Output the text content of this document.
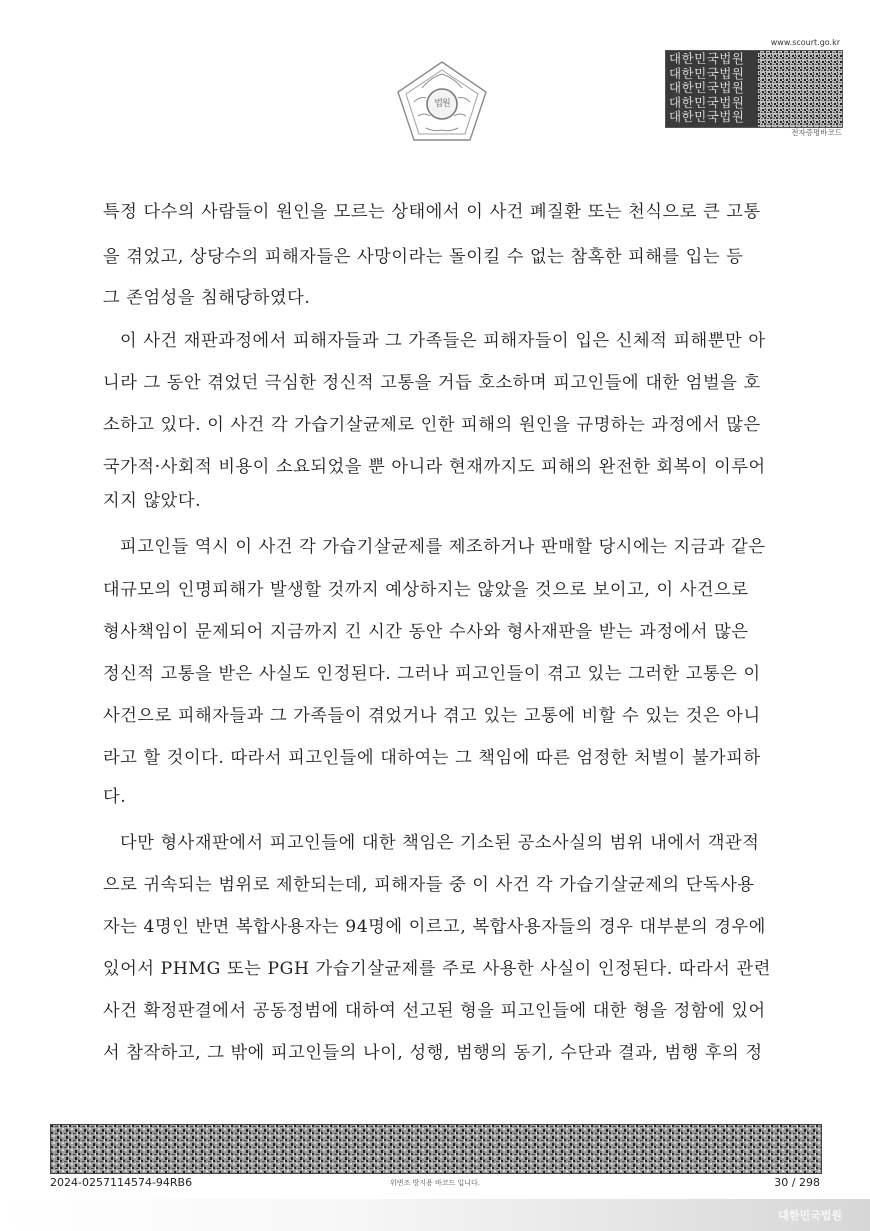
법원
www.scourt.go.kr
대한민국법원
대한민국법원
대한민국법원
대한민국법원
대한민국법원
전자증명바코드
특정 다수의 사람들이 원인을 모르는 상태에서 이 사건 폐질환 또는 천식으로 큰 고통
을 겪었고, 상당수의 피해자들은 사망이라는 돌이킬 수 없는 참혹한 피해를 입는 등
그 존엄성을 침해당하였다.
이 사건 재판과정에서 피해자들과 그 가족들은 피해자들이 입은 신체적 피해뿐만 아
니라 그 동안 겪었던 극심한 정신적 고통을 거듭 호소하며 피고인들에 대한 엄벌을 호
소하고 있다. 이 사건 각 가습기살균제로 인한 피해의 원인을 규명하는 과정에서 많은
국가적·사회적 비용이 소요되었을 뿐 아니라 현재까지도 피해의 완전한 회복이 이루어
지지 않았다.
피고인들 역시 이 사건 각 가습기살균제를 제조하거나 판매할 당시에는 지금과 같은
대규모의 인명피해가 발생할 것까지 예상하지는 않았을 것으로 보이고, 이 사건으로
형사책임이 문제되어 지금까지 긴 시간 동안 수사와 형사재판을 받는 과정에서 많은
정신적 고통을 받은 사실도 인정된다. 그러나 피고인들이 겪고 있는 그러한 고통은 이
사건으로 피해자들과 그 가족들이 겪었거나 겪고 있는 고통에 비할 수 있는 것은 아니
라고 할 것이다. 따라서 피고인들에 대하여는 그 책임에 따른 엄정한 처벌이 불가피하
다.
다만 형사재판에서 피고인들에 대한 책임은 기소된 공소사실의 범위 내에서 객관적
으로 귀속되는 범위로 제한되는데, 피해자들 중 이 사건 각 가습기살균제의 단독사용
자는 4명인 반면 복합사용자는 94명에 이르고, 복합사용자들의 경우 대부분의 경우에
있어서 PHMG 또는 PGH 가습기살균제를 주로 사용한 사실이 인정된다. 따라서 관련
사건 확정판결에서 공동정범에 대하여 선고된 형을 피고인들에 대한 형을 정함에 있어
서 참작하고, 그 밖에 피고인들의 나이, 성행, 범행의 동기, 수단과 결과, 범행 후의 정
2024-0257114574-94RB6	위변조 방지용 바코드 입니다.	30 / 298
대한민국법원
